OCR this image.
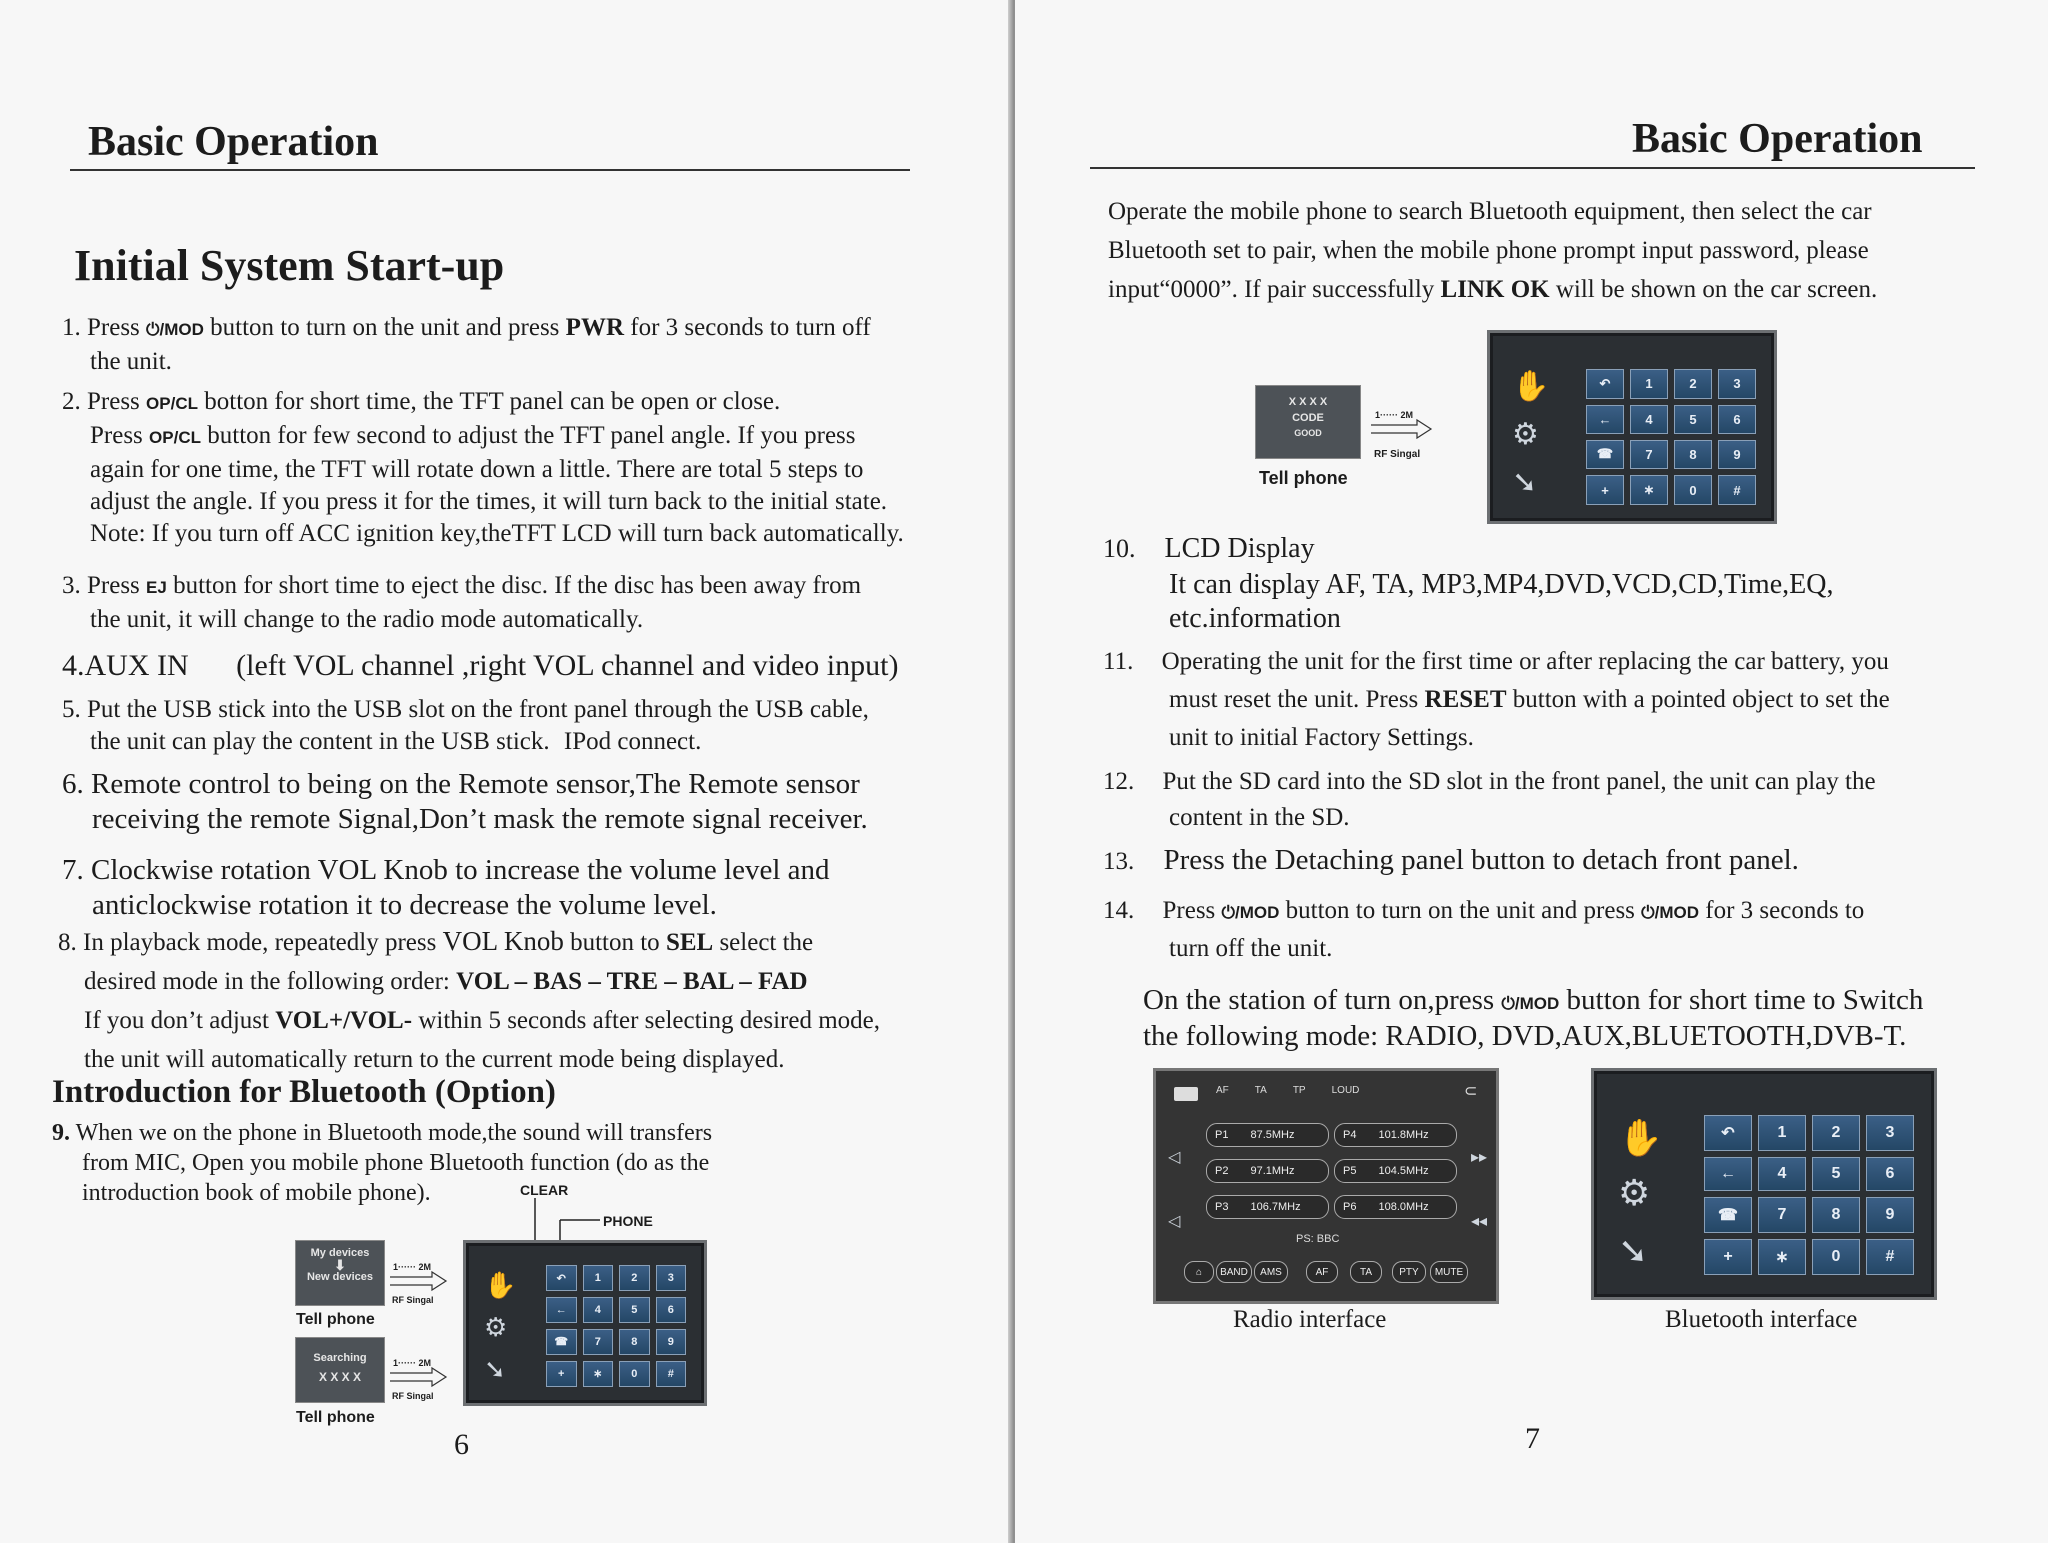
Basic Operation
Initial System Start-up
1. Press ⏻/MOD button to turn on the unit and press PWR for 3 seconds to turn off
the unit.
2. Press OP/CL botton for short time, the TFT panel can be open or close.
Press OP/CL button for few second to adjust the TFT panel angle. If you press
again for one time, the TFT will rotate down a little. There are total 5 steps to
adjust the angle. If you press it for the times, it will turn back to the initial state.
Note: If you turn off ACC ignition key,theTFT LCD will turn back automatically.
3. Press EJ button for short time to eject the disc. If the disc has been away from
the unit, it will change to the radio mode automatically.
4.AUX IN (left VOL channel ,right VOL channel and video input)
5. Put the USB stick into the USB slot on the front panel through the USB cable,
the unit can play the content in the USB stick. IPod connect.
6. Remote control to being on the Remote sensor,The Remote sensor
receiving the remote Signal,Don’t mask the remote signal receiver.
7. Clockwise rotation VOL Knob to increase the volume level and
anticlockwise rotation it to decrease the volume level.
8. In playback mode, repeatedly press VOL Knob button to SEL select the
desired mode in the following order: VOL – BAS – TRE – BAL – FAD
If you don’t adjust VOL+/VOL- within 5 seconds after selecting desired mode,
the unit will automatically return to the current mode being displayed.
Introduction for Bluetooth (Option)
9. When we on the phone in Bluetooth mode,the sound will transfers
from MIC, Open you mobile phone Bluetooth function (do as the
introduction book of mobile phone).	CLEAR
PHONE
My devices
⬇
New devices
1······ 2M
RF Singal
Tell phone
Searching
X X X X
1······ 2M
RF Singal
Tell phone
✋
⚙
➘
↶	1	2	3
←	4	5	6
☎	7	8	9
+	∗	0	#
6
Basic Operation
Operate the mobile phone to search Bluetooth equipment, then select the car
Bluetooth set to pair, when the mobile phone prompt input password, please
input“0000”. If pair successfully LINK OK will be shown on the car screen.
X X X X
CODE
GOOD
1······ 2M
RF Singal
Tell phone
✋
⚙
➘
↶	1	2	3
←	4	5	6
☎	7	8	9
+	∗	0	#
10. LCD Display
It can display AF, TA, MP3,MP4,DVD,VCD,CD,Time,EQ,
etc.information
11. Operating the unit for the first time or after replacing the car battery, you
must reset the unit. Press RESET button with a pointed object to set the
unit to initial Factory Settings.
12. Put the SD card into the SD slot in the front panel, the unit can play the
content in the SD.
13. Press the Detaching panel button to detach front panel.
14. Press ⏻/MOD button to turn on the unit and press ⏻/MOD for 3 seconds to
turn off the unit.
On the station of turn on,press ⏻/MOD button for short time to Switch
the following mode: RADIO, DVD,AUX,BLUETOOTH,DVB-T.
AF	TA	TP	LOUD	⊂
◁
◁
▸▸
◂◂
P1 87.5MHz	P4 101.8MHz
P2 97.1MHz	P5 104.5MHz
P3 106.7MHz	P6 108.0MHz
PS: BBC
⌂	BAND	AMS	AF	TA	PTY	MUTE
Radio interface
✋
⚙
➘
↶	1	2	3
←	4	5	6
☎	7	8	9
+	∗	0	#
Bluetooth interface
7
